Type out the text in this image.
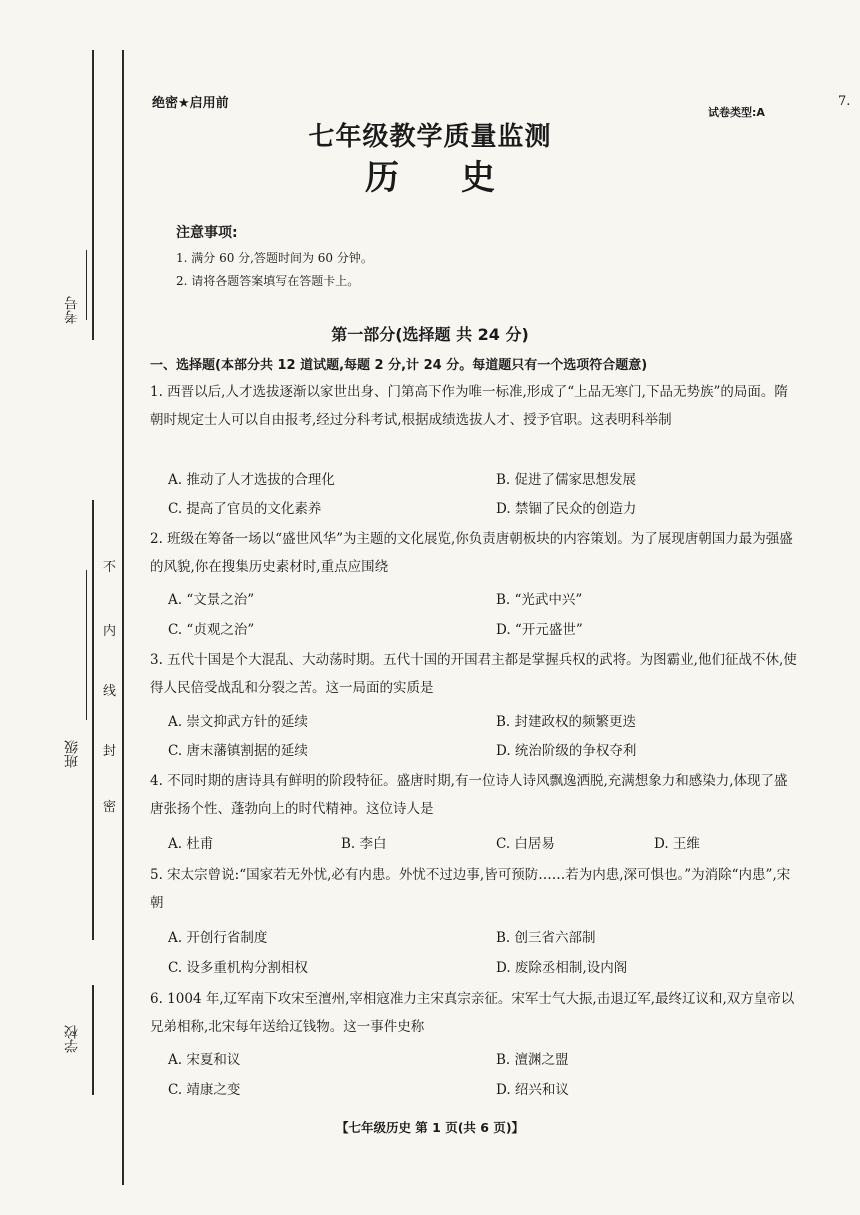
考号
班级
学校
不
内
线
封
密
绝密★启用前
试卷类型:A
7.
七年级教学质量监测
历史
注意事项:
1. 满分 60 分,答题时间为 60 分钟。
2. 请将各题答案填写在答题卡上。
第一部分(选择题 共 24 分)
一、选择题(本部分共 12 道试题,每题 2 分,计 24 分。每道题只有一个选项符合题意)
1. 西晋以后,人才选拔逐渐以家世出身、门第高下作为唯一标准,形成了“上品无寒门,下品无势族”的局面。隋朝时规定士人可以自由报考,经过分科考试,根据成绩选拔人才、授予官职。这表明科举制
A. 推动了人才选拔的合理化	B. 促进了儒家思想发展
C. 提高了官员的文化素养	D. 禁锢了民众的创造力
2. 班级在筹备一场以“盛世风华”为主题的文化展览,你负责唐朝板块的内容策划。为了展现唐朝国力最为强盛的风貌,你在搜集历史素材时,重点应围绕
A. “文景之治”	B. “光武中兴”
C. “贞观之治”	D. “开元盛世”
3. 五代十国是个大混乱、大动荡时期。五代十国的开国君主都是掌握兵权的武将。为图霸业,他们征战不休,使得人民倍受战乱和分裂之苦。这一局面的实质是
A. 崇文抑武方针的延续	B. 封建政权的频繁更迭
C. 唐末藩镇割据的延续	D. 统治阶级的争权夺利
4. 不同时期的唐诗具有鲜明的阶段特征。盛唐时期,有一位诗人诗风飘逸洒脱,充满想象力和感染力,体现了盛唐张扬个性、蓬勃向上的时代精神。这位诗人是
A. 杜甫	B. 李白	C. 白居易	D. 王维
5. 宋太宗曾说:“国家若无外忧,必有内患。外忧不过边事,皆可预防……若为内患,深可惧也。”为消除“内患”,宋朝
A. 开创行省制度	B. 创三省六部制
C. 设多重机构分割相权	D. 废除丞相制,设内阁
6. 1004 年,辽军南下攻宋至澶州,宰相寇准力主宋真宗亲征。宋军士气大振,击退辽军,最终辽议和,双方皇帝以兄弟相称,北宋每年送给辽钱物。这一事件史称
A. 宋夏和议	B. 澶渊之盟
C. 靖康之变	D. 绍兴和议
【七年级历史 第 1 页(共 6 页)】
